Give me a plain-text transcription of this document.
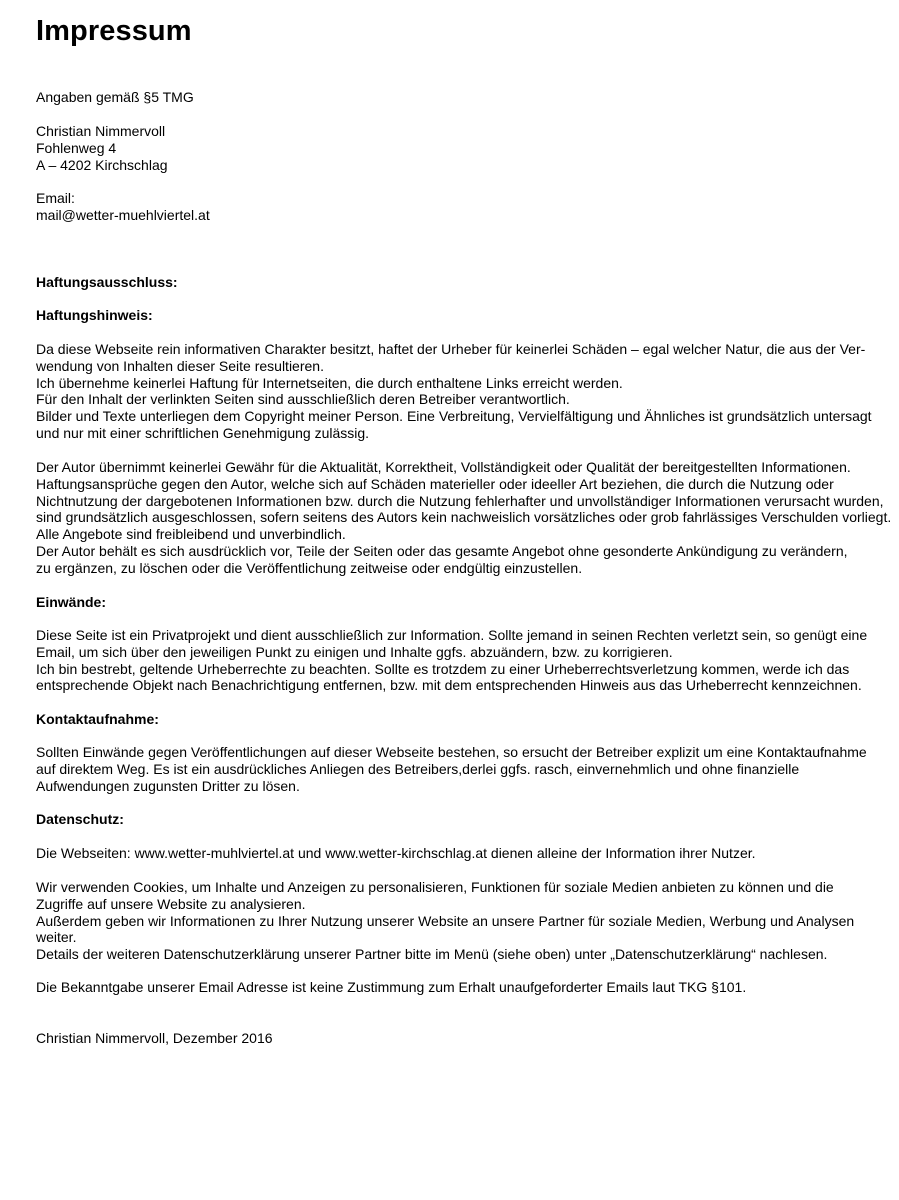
Impressum

Angaben gemäß §5 TMG

Christian Nimmervoll
Fohlenweg 4
A – 4202 Kirchschlag
Email:
mail@wetter-muehlviertel.at

Haftungsausschluss:

Haftungshinweis:

Da diese Webseite rein informativen Charakter besitzt, haftet der Urheber für keinerlei Schäden – egal welcher Natur, die aus der Ver-
wendung von Inhalten dieser Seite resultieren.
Ich übernehme keinerlei Haftung für Internetseiten, die durch enthaltene Links erreicht werden.
Für den Inhalt der verlinkten Seiten sind ausschließlich deren Betreiber verantwortlich.
Bilder und Texte unterliegen dem Copyright meiner Person. Eine Verbreitung, Vervielfältigung und Ähnliches ist grundsätzlich untersagt
und nur mit einer schriftlichen Genehmigung zulässig.
Der Autor übernimmt keinerlei Gewähr für die Aktualität, Korrektheit, Vollständigkeit oder Qualität der bereitgestellten Informationen.
Haftungsansprüche gegen den Autor, welche sich auf Schäden materieller oder ideeller Art beziehen, die durch die Nutzung oder
Nichtnutzung der dargebotenen Informationen bzw. durch die Nutzung fehlerhafter und unvollständiger Informationen verursacht wurden,
sind grundsätzlich ausgeschlossen, sofern seitens des Autors kein nachweislich vorsätzliches oder grob fahrlässiges Verschulden vorliegt.
Alle Angebote sind freibleibend und unverbindlich.
Der Autor behält es sich ausdrücklich vor, Teile der Seiten oder das gesamte Angebot ohne gesonderte Ankündigung zu verändern,
zu ergänzen, zu löschen oder die Veröffentlichung zeitweise oder endgültig einzustellen.

Einwände:

Diese Seite ist ein Privatprojekt und dient ausschließlich zur Information. Sollte jemand in seinen Rechten verletzt sein, so genügt eine
Email, um sich über den jeweiligen Punkt zu einigen und Inhalte ggfs. abzuändern, bzw. zu korrigieren.
Ich bin bestrebt, geltende Urheberrechte zu beachten. Sollte es trotzdem zu einer Urheberrechtsverletzung kommen, werde ich das
entsprechende Objekt nach Benachrichtigung entfernen, bzw. mit dem entsprechenden Hinweis aus das Urheberrecht kennzeichnen.

Kontaktaufnahme:

Sollten Einwände gegen Veröffentlichungen auf dieser Webseite bestehen, so ersucht der Betreiber explizit um eine Kontaktaufnahme
auf direktem Weg. Es ist ein ausdrückliches Anliegen des Betreibers,derlei ggfs. rasch, einvernehmlich und ohne finanzielle
Aufwendungen zugunsten Dritter zu lösen.

Datenschutz:

Die Webseiten: www.wetter-muhlviertel.at und www.wetter-kirchschlag.at dienen alleine der Information ihrer Nutzer.
Wir verwenden Cookies, um Inhalte und Anzeigen zu personalisieren, Funktionen für soziale Medien anbieten zu können und die
Zugriffe auf unsere Website zu analysieren.
Außerdem geben wir Informationen zu Ihrer Nutzung unserer Website an unsere Partner für soziale Medien, Werbung und Analysen
weiter.
Details der weiteren Datenschutzerklärung unserer Partner bitte im Menü (siehe oben) unter „Datenschutzerklärung“ nachlesen.
Die Bekanntgabe unserer Email Adresse ist keine Zustimmung zum Erhalt unaufgeforderter Emails laut TKG §101.

Christian Nimmervoll, Dezember 2016
